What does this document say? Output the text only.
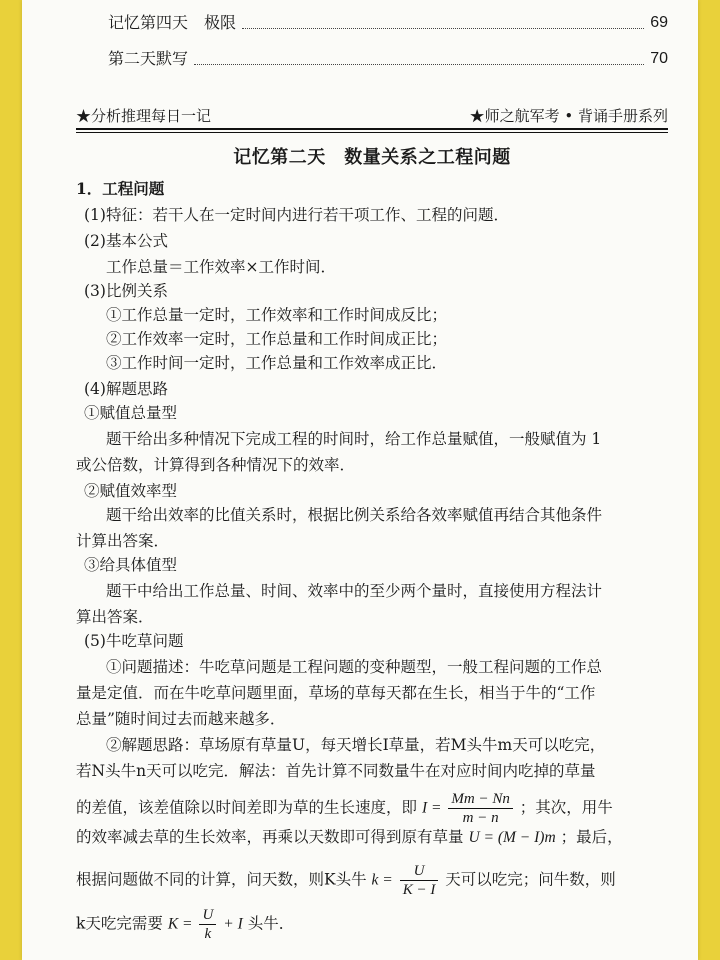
记忆第四天　极限	69
第二天默写	70
★分析推理每日一记	★师之航军考 • 背诵手册系列
记忆第二天　数量关系之工程问题
1．工程问题
(1)特征：若干人在一定时间内进行若干项工作、工程的问题．
(2)基本公式
工作总量＝工作效率×工作时间．
(3)比例关系
①工作总量一定时，工作效率和工作时间成反比；
②工作效率一定时，工作总量和工作时间成正比；
③工作时间一定时，工作总量和工作效率成正比．
(4)解题思路
①赋值总量型
题干给出多种情况下完成工程的时间时，给工作总量赋值，一般赋值为 1
或公倍数，计算得到各种情况下的效率．
②赋值效率型
题干给出效率的比值关系时，根据比例关系给各效率赋值再结合其他条件
计算出答案．
③给具体值型
题干中给出工作总量、时间、效率中的至少两个量时，直接使用方程法计
算出答案．
(5)牛吃草问题
①问题描述：牛吃草问题是工程问题的变种题型，一般工程问题的工作总
量是定值．而在牛吃草问题里面，草场的草每天都在生长，相当于牛的“工作
总量”随时间过去而越来越多．
②解题思路：草场原有草量U，每天增长I草量，若M头牛m天可以吃完，
若N头牛n天可以吃完．解法：首先计算不同数量牛在对应时间内吃掉的草量
的差值，该差值除以时间差即为草的生长速度，即 $I = \frac{Mm - Nn}{m - n}$ ；其次，用牛
的效率减去草的生长效率，再乘以天数即可得到原有草量 U = (M − I)m ；最后，
根据问题做不同的计算，问天数，则K头牛 $k = \frac{U}{K - I}$ 天可以吃完；问牛数，则
k天吃完需要 $K = \frac{U}{k} + I$ 头牛．
